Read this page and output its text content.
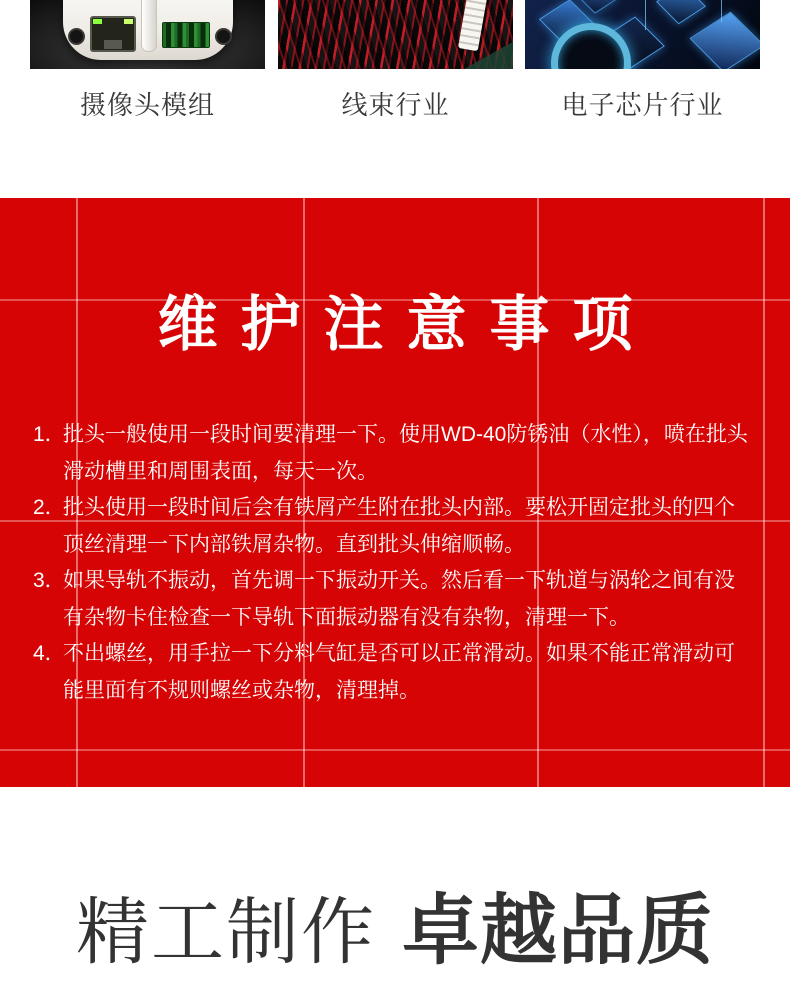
摄像头模组	线束行业	电子芯片行业
维护注意事项
1．
批头一般使用一段时间要清理一下。使用WD-40防锈油（水性），喷在批头滑动槽里和周围表面，每天一次。
2．
批头使用一段时间后会有铁屑产生附在批头内部。要松开固定批头的四个顶丝清理一下内部铁屑杂物。直到批头伸缩顺畅。
3．
如果导轨不振动，首先调一下振动开关。然后看一下轨道与涡轮之间有没有杂物卡住检查一下导轨下面振动器有没有杂物，清理一下。
4．
不出螺丝，用手拉一下分料气缸是否可以正常滑动。如果不能正常滑动可能里面有不规则螺丝或杂物，清理掉。
精工制作 卓越品质
